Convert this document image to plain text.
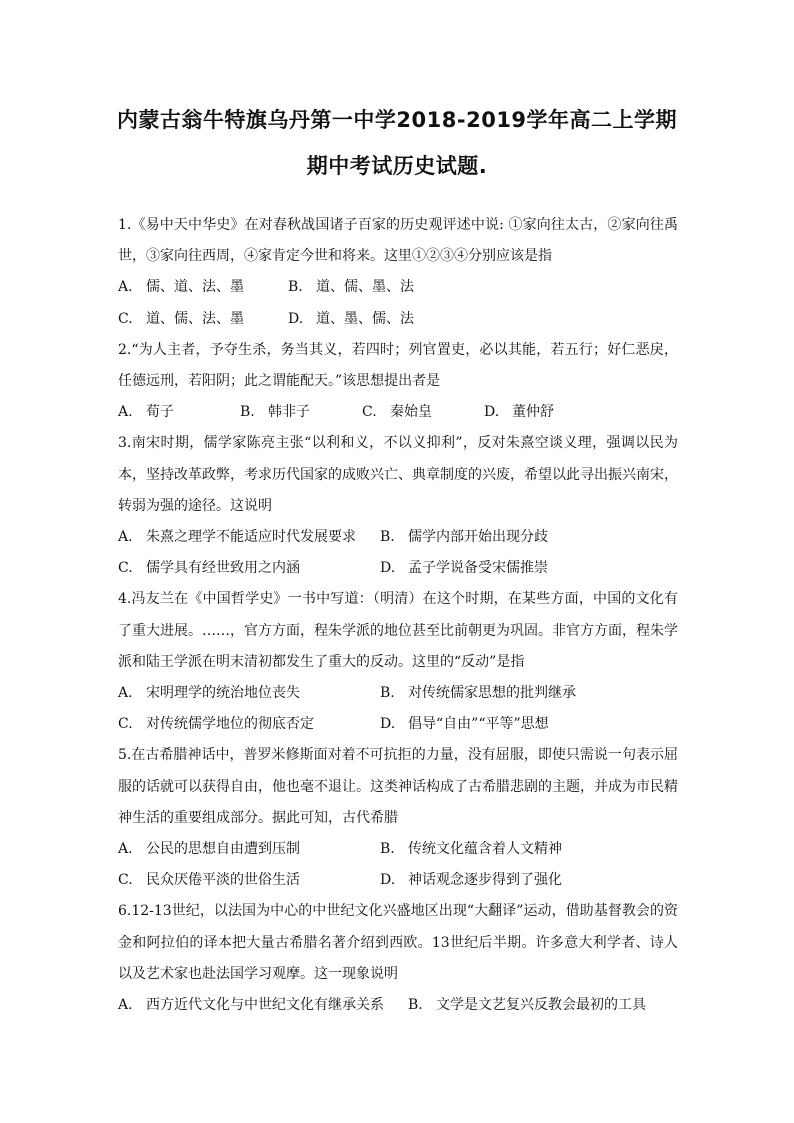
内蒙古翁牛特旗乌丹第一中学2018-2019学年高二上学期
期中考试历史试题.

1.《易中天中华史》在对春秋战国诸子百家的历史观评述中说: ①家向往太古，②家向往禹世，③家向往西周，④家肯定今世和将来。这里①②③④分别应该是指

A. 儒、道、法、墨	B. 道、儒、墨、法
C. 道、儒、法、墨	D. 道、墨、儒、法

2.“为人主者，予夺生杀，务当其义，若四时；列官置吏，必以其能，若五行；好仁恶戾，任德远刑，若阳阴；此之谓能配天。”该思想提出者是

A. 荀子	B. 韩非子	C. 秦始皇	D. 董仲舒

3.南宋时期，儒学家陈亮主张“以利和义，不以义抑利”，反对朱熹空谈义理，强调以民为本，坚持改革政弊，考求历代国家的成败兴亡、典章制度的兴废，希望以此寻出振兴南宋，转弱为强的途径。这说明

A. 朱熹之理学不能适应时代发展要求	B. 儒学内部开始出现分歧
C. 儒学具有经世致用之内涵	D. 孟子学说备受宋儒推崇

4.冯友兰在《中国哲学史》一书中写道：（明清）在这个时期，在某些方面，中国的文化有了重大进展。……，官方方面，程朱学派的地位甚至比前朝更为巩固。非官方方面，程朱学派和陆王学派在明末清初都发生了重大的反动。这里的“反动”是指

A. 宋明理学的统治地位丧失	B. 对传统儒家思想的批判继承
C. 对传统儒学地位的彻底否定	D. 倡导“自由”“平等”思想

5.在古希腊神话中，普罗米修斯面对着不可抗拒的力量，没有屈服，即使只需说一句表示屈服的话就可以获得自由，他也毫不退让。这类神话构成了古希腊悲剧的主题，并成为市民精神生活的重要组成部分。据此可知，古代希腊

A. 公民的思想自由遭到压制	B. 传统文化蕴含着人文精神
C. 民众厌倦平淡的世俗生活	D. 神话观念逐步得到了强化

6.12-13世纪，以法国为中心的中世纪文化兴盛地区出现“大翻译”运动，借助基督教会的资金和阿拉伯的译本把大量古希腊名著介绍到西欧。13世纪后半期。许多意大利学者、诗人以及艺术家也赴法国学习观摩。这一现象说明

A. 西方近代文化与中世纪文化有继承关系	B. 文学是文艺复兴反教会最初的工具
